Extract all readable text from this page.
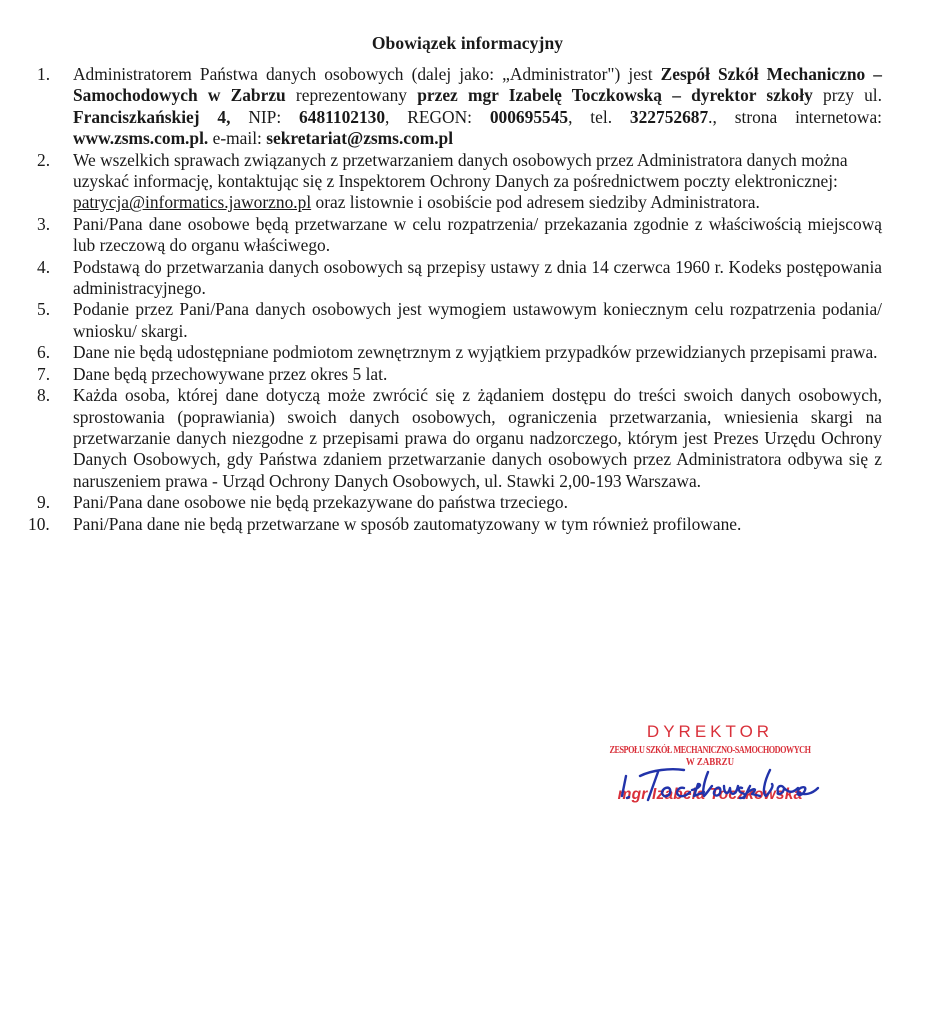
Obowiązek informacyjny
1. Administratorem Państwa danych osobowych (dalej jako: „Administrator") jest Zespół Szkół Mechaniczno – Samochodowych w Zabrzu reprezentowany przez mgr Izabelę Toczkowską – dyrektor szkoły przy ul. Franciszkańskiej 4, NIP: 6481102130, REGON: 000695545, tel. 322752687., strona internetowa: www.zsms.com.pl. e-mail: sekretariat@zsms.com.pl
2. We wszelkich sprawach związanych z przetwarzaniem danych osobowych przez Administratora danych można uzyskać informację, kontaktując się z Inspektorem Ochrony Danych za pośrednictwem poczty elektronicznej: patrycja@informatics.jaworzno.pl oraz listownie i osobiście pod adresem siedziby Administratora.
3. Pani/Pana dane osobowe będą przetwarzane w celu rozpatrzenia/ przekazania zgodnie z właściwością miejscową lub rzeczową do organu właściwego.
4. Podstawą do przetwarzania danych osobowych są przepisy ustawy z dnia 14 czerwca 1960 r. Kodeks postępowania administracyjnego.
5. Podanie przez Pani/Pana danych osobowych jest wymogiem ustawowym koniecznym celu rozpatrzenia podania/ wniosku/ skargi.
6. Dane nie będą udostępniane podmiotom zewnętrznym z wyjątkiem przypadków przewidzianych przepisami prawa.
7. Dane będą przechowywane przez okres 5 lat.
8. Każda osoba, której dane dotyczą może zwrócić się z żądaniem dostępu do treści swoich danych osobowych, sprostowania (poprawiania) swoich danych osobowych, ograniczenia przetwarzania, wniesienia skargi na przetwarzanie danych niezgodne z przepisami prawa do organu nadzorczego, którym jest Prezes Urzędu Ochrony Danych Osobowych, gdy Państwa zdaniem przetwarzanie danych osobowych przez Administratora odbywa się z naruszeniem prawa - Urząd Ochrony Danych Osobowych, ul. Stawki 2,00-193 Warszawa.
9. Pani/Pana dane osobowe nie będą przekazywane do państwa trzeciego.
10. Pani/Pana dane nie będą przetwarzane w sposób zautomatyzowany w tym również profilowane.
DYREKTOR
ZESPOŁU SZKÓŁ MECHANICZNO-SAMOCHODOWYCH
W ZABRZU
mgr Izabela Toczkowska
